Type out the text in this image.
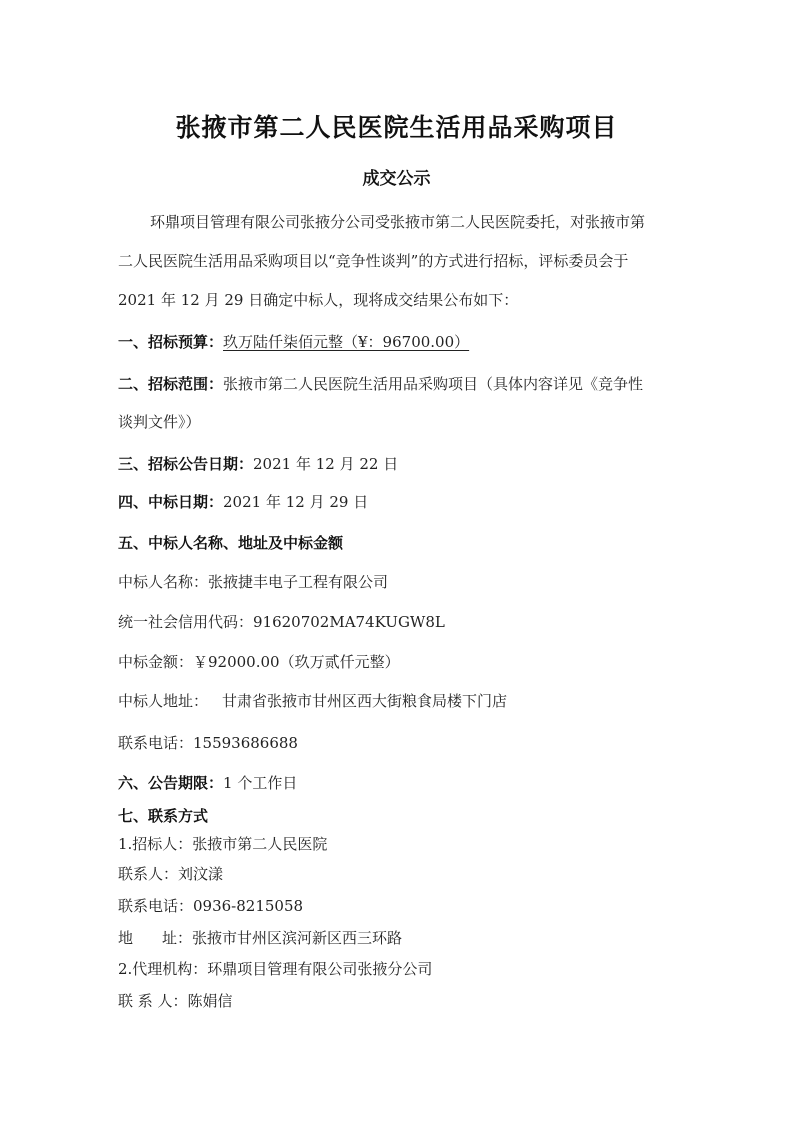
张掖市第二人民医院生活用品采购项目
成交公示
环鼎项目管理有限公司张掖分公司受张掖市第二人民医院委托，对张掖市第
二人民医院生活用品采购项目以“竞争性谈判”的方式进行招标，评标委员会于
2021 年 12 月 29 日确定中标人，现将成交结果公布如下：
一、招标预算：玖万陆仟柒佰元整（¥：96700.00）
二、招标范围：张掖市第二人民医院生活用品采购项目（具体内容详见《竞争性
谈判文件》）
三、招标公告日期：2021 年 12 月 22 日
四、中标日期：2021 年 12 月 29 日
五、中标人名称、地址及中标金额
中标人名称：张掖捷丰电子工程有限公司
统一社会信用代码：91620702MA74KUGW8L
中标金额：￥92000.00（玖万贰仟元整）
中标人地址： 甘肃省张掖市甘州区西大街粮食局楼下门店
联系电话：15593686688
六、公告期限：1 个工作日
七、联系方式
1.招标人：张掖市第二人民医院
联系人：刘汶漾
联系电话：0936-8215058
地 址：张掖市甘州区滨河新区西三环路
2.代理机构：环鼎项目管理有限公司张掖分公司
联 系 人：陈娟信
